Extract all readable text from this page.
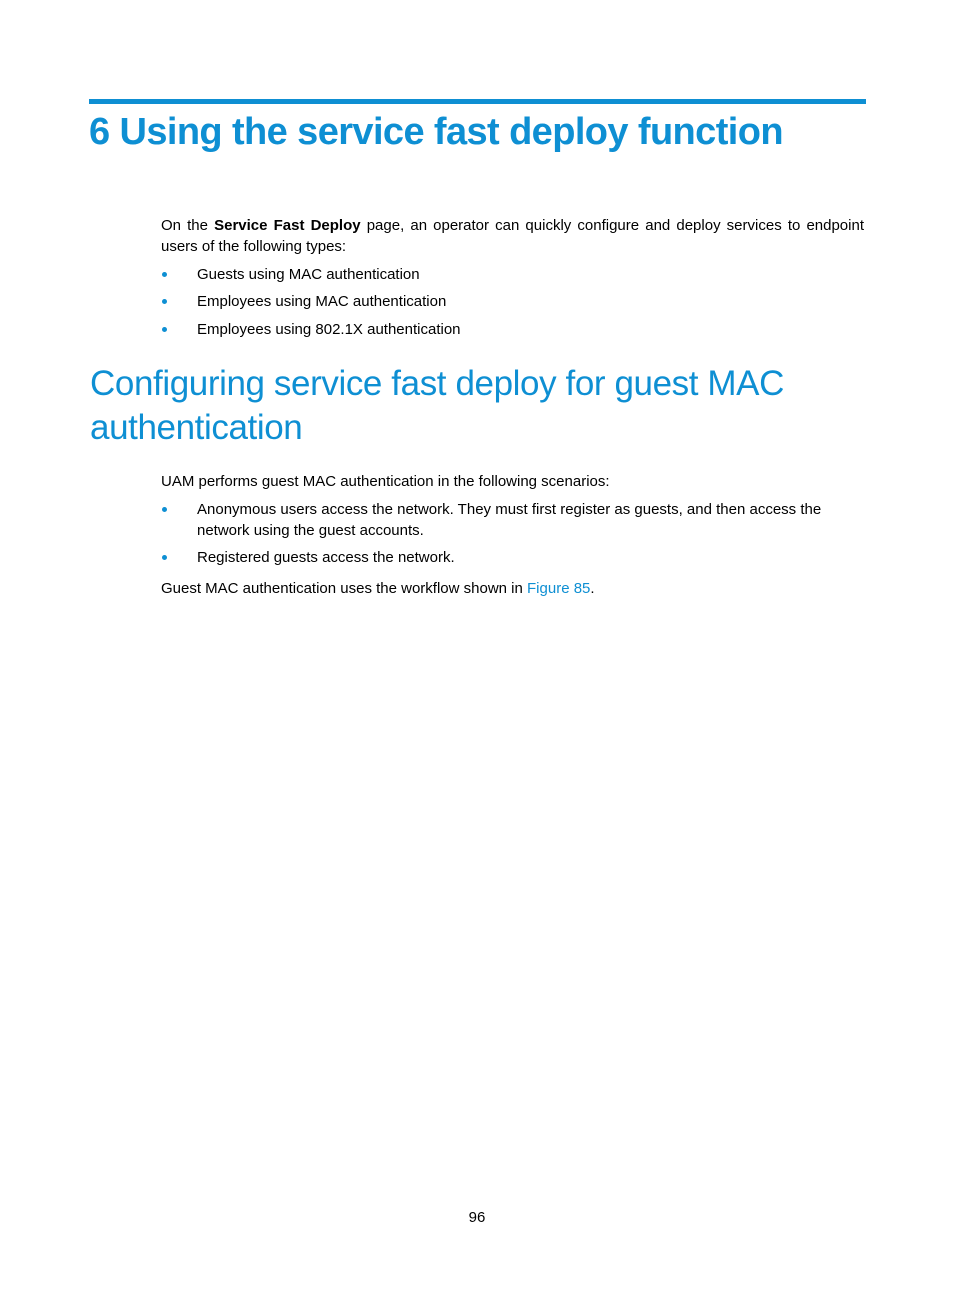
6 Using the service fast deploy function

On the Service Fast Deploy page, an operator can quickly configure and deploy services to endpoint users of the following types:

Guests using MAC authentication
Employees using MAC authentication
Employees using 802.1X authentication
Configuring service fast deploy for guest MAC authentication

UAM performs guest MAC authentication in the following scenarios:

Anonymous users access the network. They must first register as guests, and then access the network using the guest accounts.
Registered guests access the network.

Guest MAC authentication uses the workflow shown in Figure 85.

96
